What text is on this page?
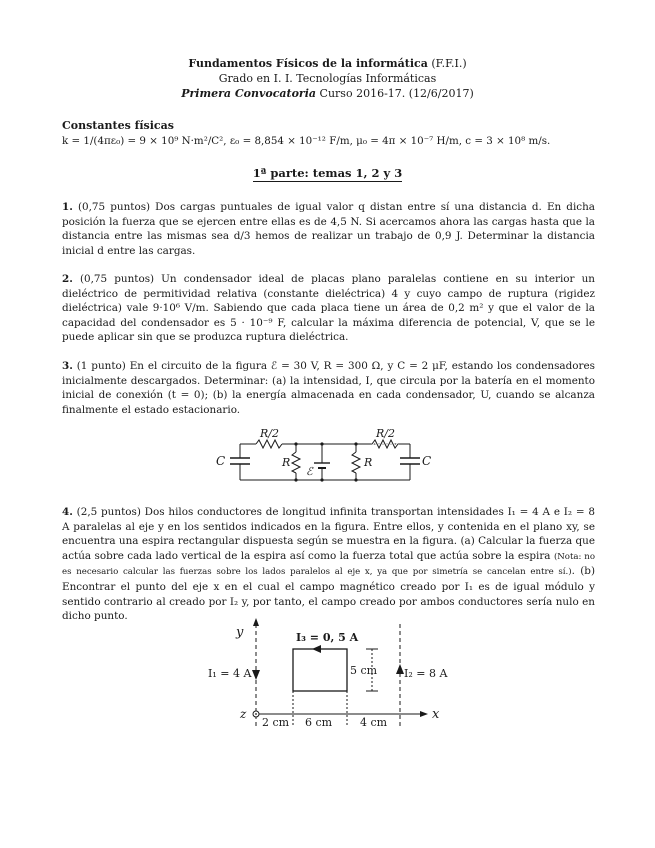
Fundamentos Físicos de la informática (F.F.I.)
Grado en I. I. Tecnologías Informáticas
Primera Convocatoria Curso 2016-17. (12/6/2017)
Constantes físicas
k = 1/(4πε₀) = 9 × 10⁹ N·m²/C², ε₀ = 8,854 × 10⁻¹² F/m, μ₀ = 4π × 10⁻⁷ H/m, c = 3 × 10⁸ m/s.
1ª parte: temas 1, 2 y 3
1. (0,75 puntos) Dos cargas puntuales de igual valor q distan entre sí una distancia d. En dicha posición la fuerza que se ejercen entre ellas es de 4,5 N. Si acercamos ahora las cargas hasta que la distancia entre las mismas sea d/3 hemos de realizar un trabajo de 0,9 J. Determinar la distancia inicial d entre las cargas.
2. (0,75 puntos) Un condensador ideal de placas plano paralelas contiene en su interior un dieléctrico de permitividad relativa (constante dieléctrica) 4 y cuyo campo de ruptura (rigidez dieléctrica) vale 9·10⁶ V/m. Sabiendo que cada placa tiene un área de 0,2 m² y que el valor de la capacidad del condensador es 5 · 10⁻⁹ F, calcular la máxima diferencia de potencial, V, que se le puede aplicar sin que se produzca ruptura dieléctrica.
3. (1 punto) En el circuito de la figura ℰ = 30 V, R = 300 Ω, y C = 2 μF, estando los condensadores inicialmente descargados. Determinar: (a) la intensidad, I, que circula por la batería en el momento inicial de conexión (t = 0); (b) la energía almacenada en cada condensador, U, cuando se alcanza finalmente el estado estacionario.
R/2	R/2
C	C
R	R
ℰ
4. (2,5 puntos) Dos hilos conductores de longitud infinita transportan intensidades I₁ = 4 A e I₂ = 8 A paralelas al eje y en los sentidos indicados en la figura. Entre ellos, y contenida en el plano xy, se encuentra una espira rectangular dispuesta según se muestra en la figura. (a) Calcular la fuerza que actúa sobre cada lado vertical de la espira así como la fuerza total que actúa sobre la espira (Nota: no es necesario calcular las fuerzas sobre los lados paralelos al eje x, ya que por simetría se cancelan entre sí.). (b) Encontrar el punto del eje x en el cual el campo magnético creado por I₁ es de igual módulo y sentido contrario al creado por I₂ y, por tanto, el campo creado por ambos conductores sería nulo en dicho punto.
y
x
z
I₁ = 4 A	I₂ = 8 A
I₃ = 0, 5 A
5 cm
2 cm 6 cm	4 cm
